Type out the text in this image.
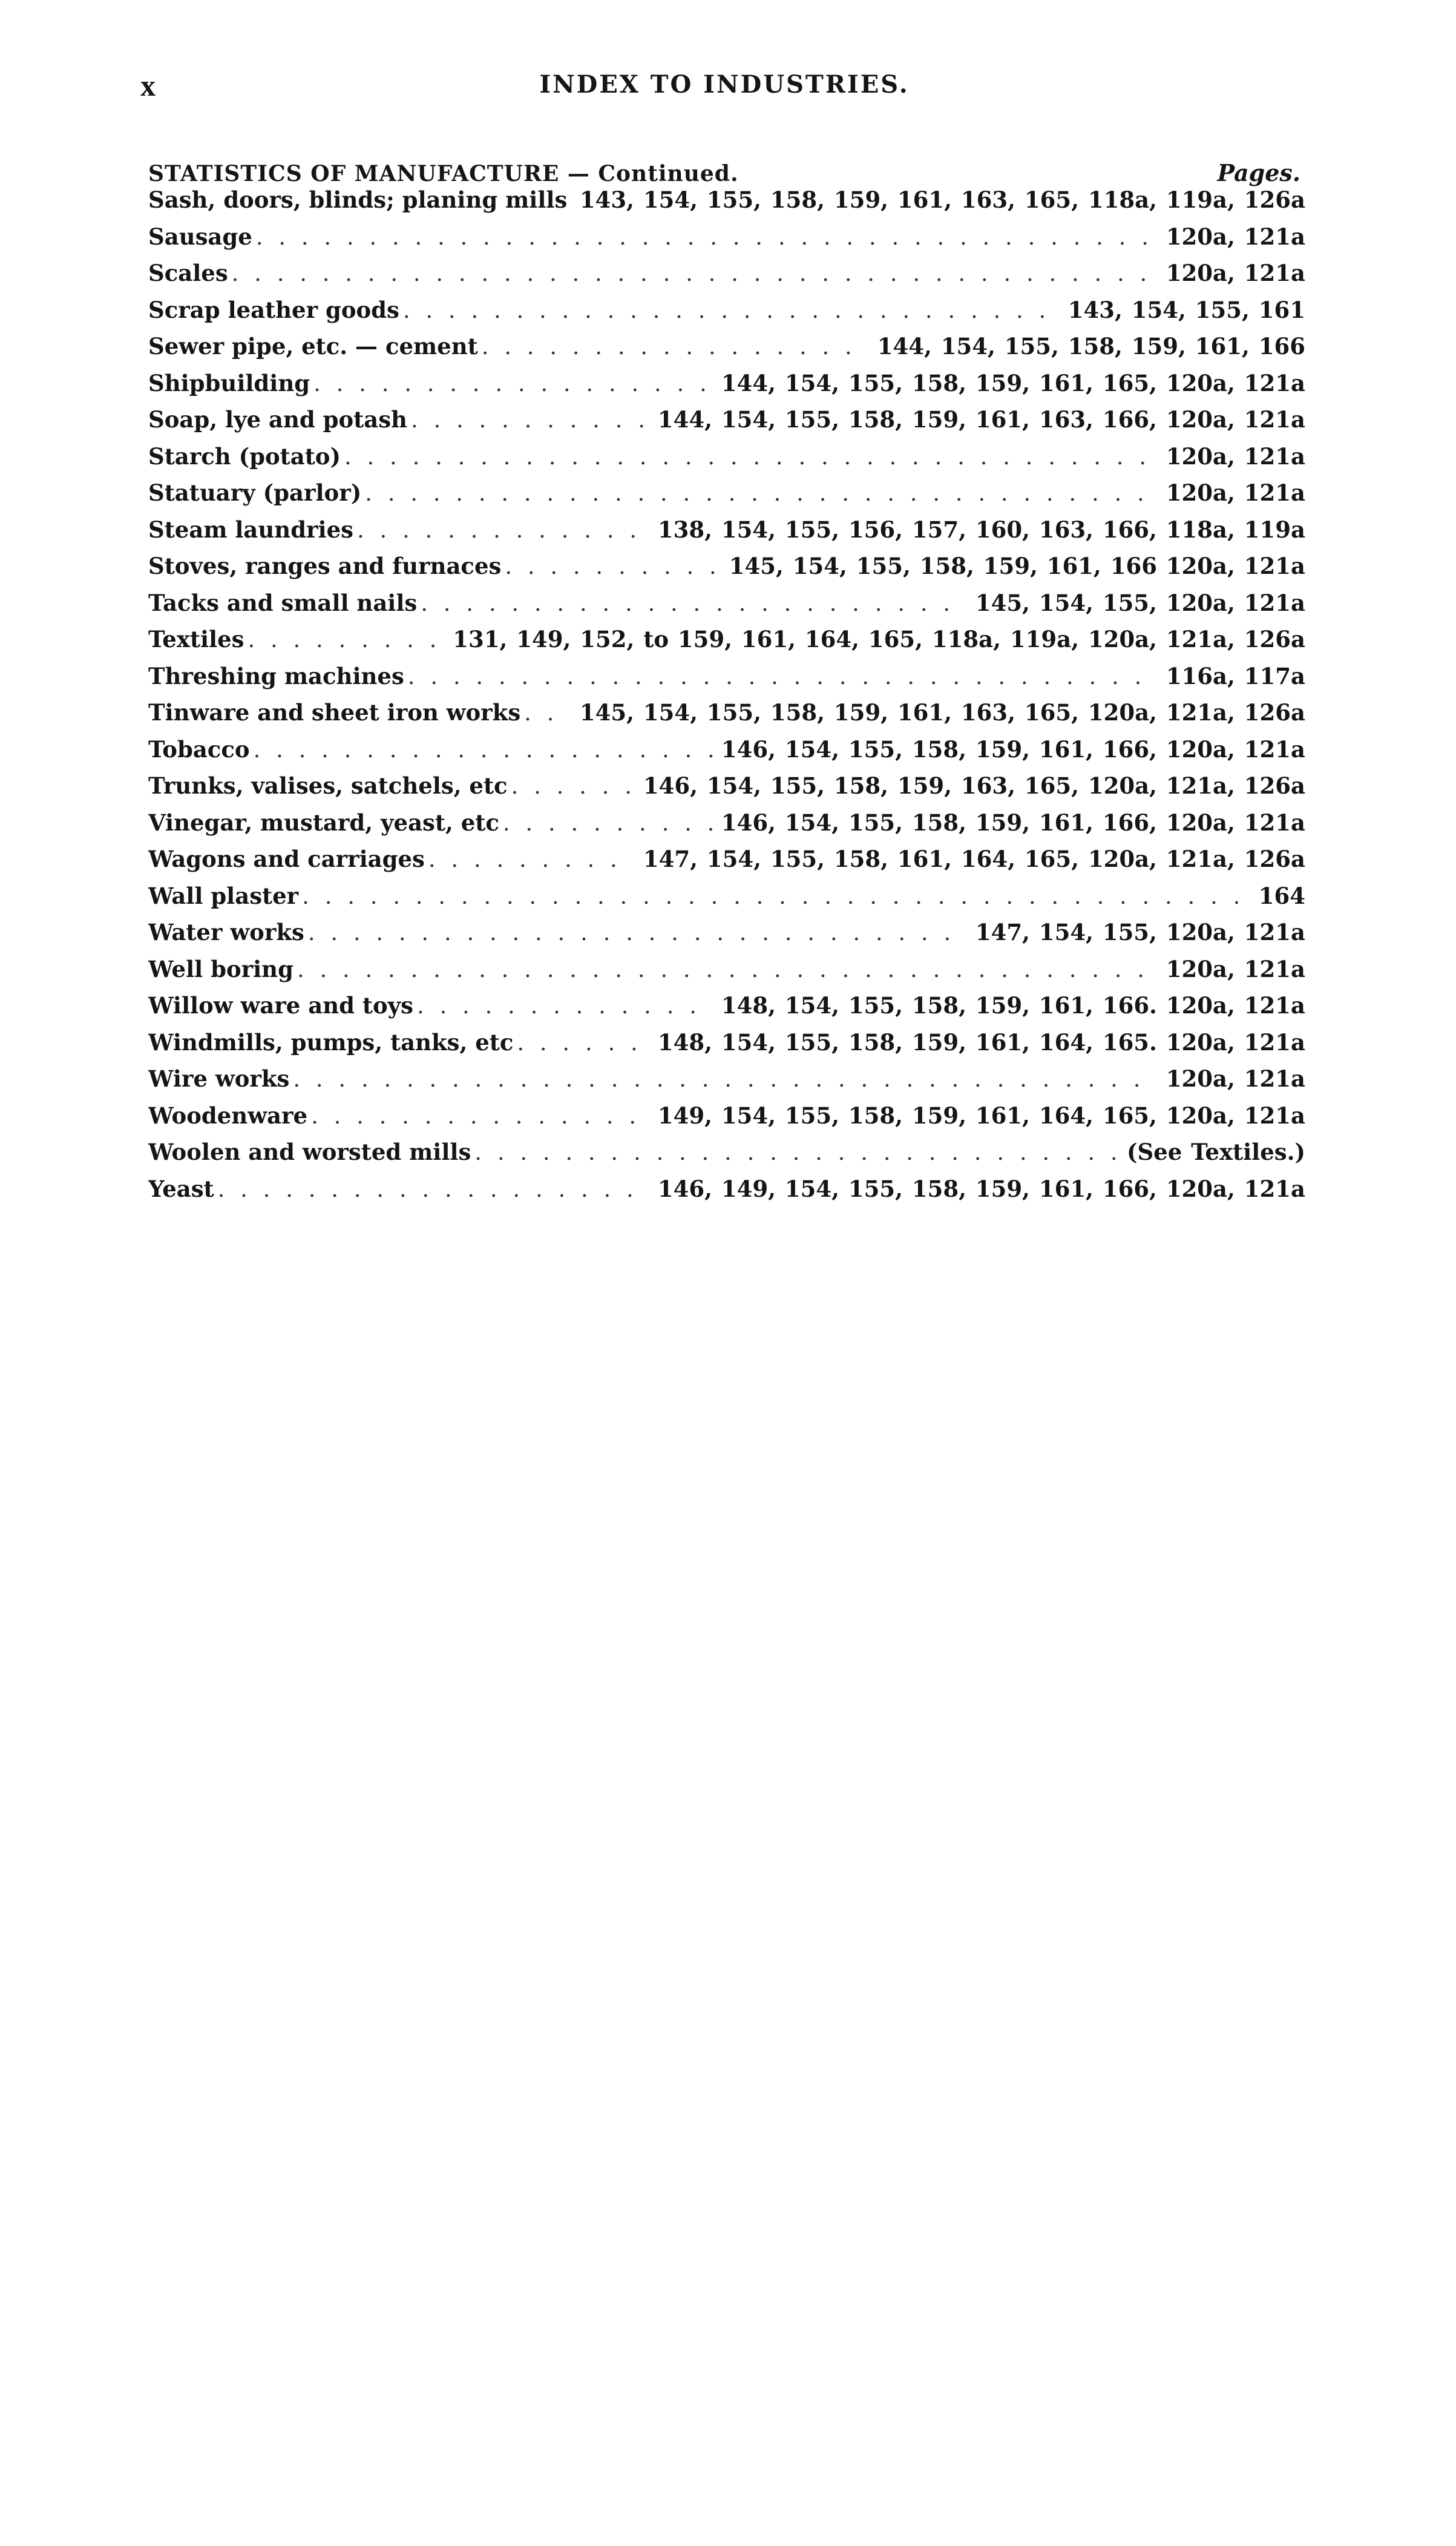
x	INDEX TO INDUSTRIES.
STATISTICS OF MANUFACTURE — Continued.	Pages.
Sash, doors, blinds; planing mills . . . 143, 154, 155, 158, 159, 161, 163, 165, 118a, 119a, 126a
Sausage . . .	120a, 121a
Scales . . .	120a, 121a
Scrap leather goods . . .	143, 154, 155, 161
Sewer pipe, etc. — cement . . .	144, 154, 155, 158, 159, 161, 166
Shipbuilding . . .	144, 154, 155, 158, 159, 161, 165, 120a, 121a
Soap, lye and potash . . .	144, 154, 155, 158, 159, 161, 163, 166, 120a, 121a
Starch (potato) . . .	120a, 121a
Statuary (parlor) . . .	120a, 121a
Steam laundries . . .	138, 154, 155, 156, 157, 160, 163, 166, 118a, 119a
Stoves, ranges and furnaces . . .	145, 154, 155, 158, 159, 161, 166 120a, 121a
Tacks and small nails . . .	145, 154, 155, 120a, 121a
Textiles . . .	131, 149, 152, to 159, 161, 164, 165, 118a, 119a, 120a, 121a, 126a
Threshing machines . . .	116a, 117a
Tinware and sheet iron works . . .	145, 154, 155, 158, 159, 161, 163, 165, 120a, 121a, 126a
Tobacco . . .	146, 154, 155, 158, 159, 161, 166, 120a, 121a
Trunks, valises, satchels, etc . . .	146, 154, 155, 158, 159, 163, 165, 120a, 121a, 126a
Vinegar, mustard, yeast, etc . . .	146, 154, 155, 158, 159, 161, 166, 120a, 121a
Wagons and carriages . . .	147, 154, 155, 158, 161, 164, 165, 120a, 121a, 126a
Wall plaster . . .	164
Water works . . .	147, 154, 155, 120a, 121a
Well boring . . .	120a, 121a
Willow ware and toys . . .	148, 154, 155, 158, 159, 161, 166. 120a, 121a
Windmills, pumps, tanks, etc . . .	148, 154, 155, 158, 159, 161, 164, 165. 120a, 121a
Wire works . . .	120a, 121a
Woodenware . . .	149, 154, 155, 158, 159, 161, 164, 165, 120a, 121a
Woolen and worsted mills . . .	(See Textiles.)
Yeast . . .	146, 149, 154, 155, 158, 159, 161, 166, 120a, 121a
